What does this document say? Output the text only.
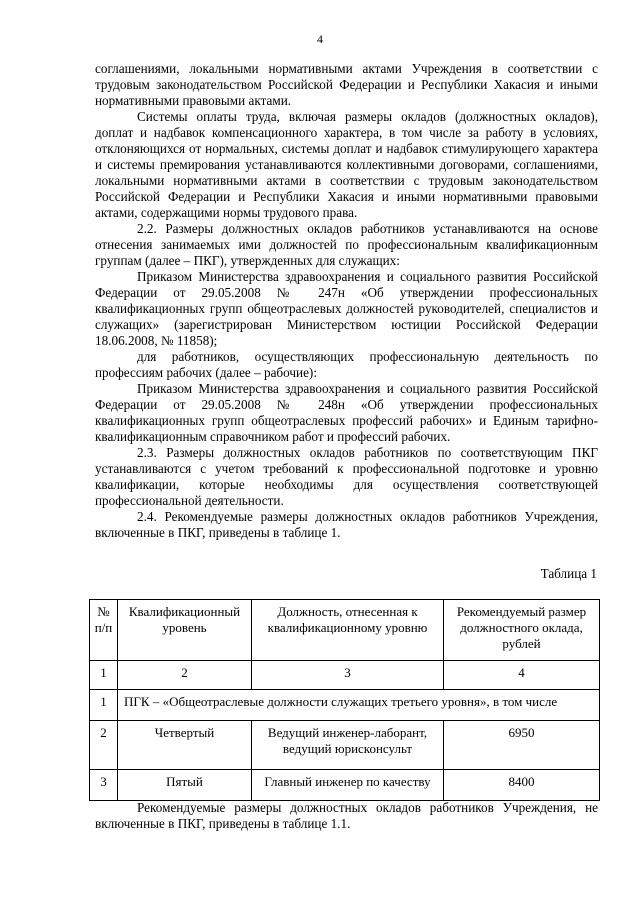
4

соглашениями, локальными нормативными актами Учреждения в соответствии с трудовым законодательством Российской Федерации и Республики Хакасия и иными нормативными правовыми актами.

Системы оплаты труда, включая размеры окладов (должностных окладов), доплат и надбавок компенсационного характера, в том числе за работу в условиях, отклоняющихся от нормальных, системы доплат и надбавок стимулирующего характера и системы премирования устанавливаются коллективными договорами, соглашениями, локальными нормативными актами в соответствии с трудовым законодательством Российской Федерации и Республики Хакасия и иными нормативными правовыми актами, содержащими нормы трудового права.

2.2. Размеры должностных окладов работников устанавливаются на основе отнесения занимаемых ими должностей по профессиональным квалификационным группам (далее – ПКГ), утвержденных для служащих:

Приказом Министерства здравоохранения и социального развития Российской Федерации от 29.05.2008 № 247н «Об утверждении профессиональных квалификационных групп общеотраслевых должностей руководителей, специалистов и служащих» (зарегистрирован Министерством юстиции Российской Федерации 18.06.2008, № 11858);

для работников, осуществляющих профессиональную деятельность по профессиям рабочих (далее – рабочие):

Приказом Министерства здравоохранения и социального развития Российской Федерации от 29.05.2008 № 248н «Об утверждении профессиональных квалификационных групп общеотраслевых профессий рабочих» и Единым тарифно-квалификационным справочником работ и профессий рабочих.

2.3. Размеры должностных окладов работников по соответствующим ПКГ устанавливаются с учетом требований к профессиональной подготовке и уровню квалификации, которые необходимы для осуществления соответствующей профессиональной деятельности.

2.4. Рекомендуемые размеры должностных окладов работников Учреждения, включенные в ПКГ, приведены в таблице 1.

Таблица 1
№ п/п	Квалификационный уровень	Должность, отнесенная к квалификационному уровню	Рекомендуемый размер должностного оклада, рублей
1	2	3	4
1	ПГК – «Общеотраслевые должности служащих третьего уровня», в том числе		
2	Четвертый	Ведущий инженер-лаборант, ведущий юрисконсульт	6950
3	Пятый	Главный инженер по качеству	8400

Рекомендуемые размеры должностных окладов работников Учреждения, не включенные в ПКГ, приведены в таблице 1.1.
